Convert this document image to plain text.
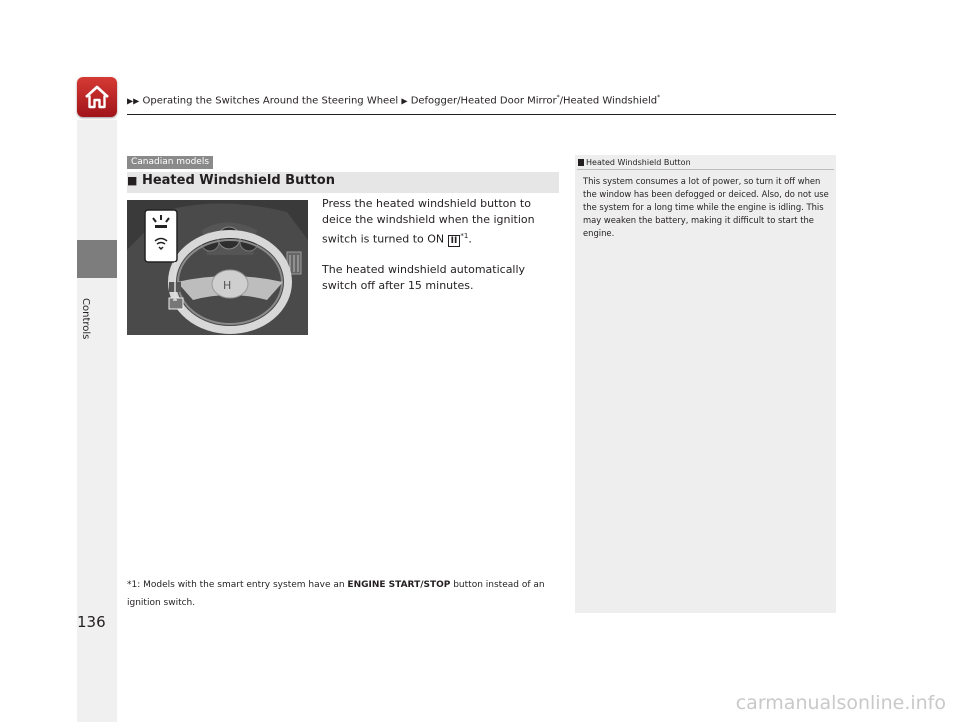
▶▶ Operating the Switches Around the Steering Wheel ▶ Defogger/Heated Door Mirror*/Heated Windshield*
Controls
Canadian models
■ Heated Windshield Button
H

Press the heated windshield button to deice the windshield when the ignition switch is turned to ON II $^{*1}$.

The heated windshield automatically switch off after 15 minutes.

*1: Models with the smart entry system have an ENGINE START/STOP button instead of an ignition switch.
Heated Windshield Button
This system consumes a lot of power, so turn it off when the window has been defogged or deiced. Also, do not use the system for a long time while the engine is idling. This may weaken the battery, making it difficult to start the engine.
136
carmanualsonline.info
